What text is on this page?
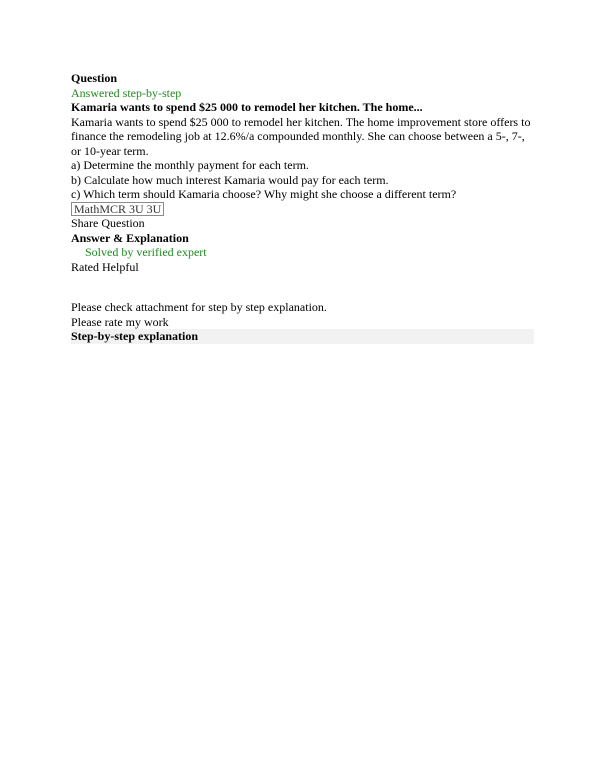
Question
Answered step-by-step
Kamaria wants to spend $25 000 to remodel her kitchen. The home...
Kamaria wants to spend $25 000 to remodel her kitchen. The home improvement store offers to finance the remodeling job at 12.6%/a compounded monthly. She can choose between a 5-, 7-, or 10-year term.
a) Determine the monthly payment for each term.
b) Calculate how much interest Kamaria would pay for each term.
c) Which term should Kamaria choose? Why might she choose a different term?
MathMCR 3U 3U
Share Question
Answer & Explanation
Solved by verified expert
Rated Helpful
Please check attachment for step by step explanation.
Please rate my work
Step-by-step explanation
